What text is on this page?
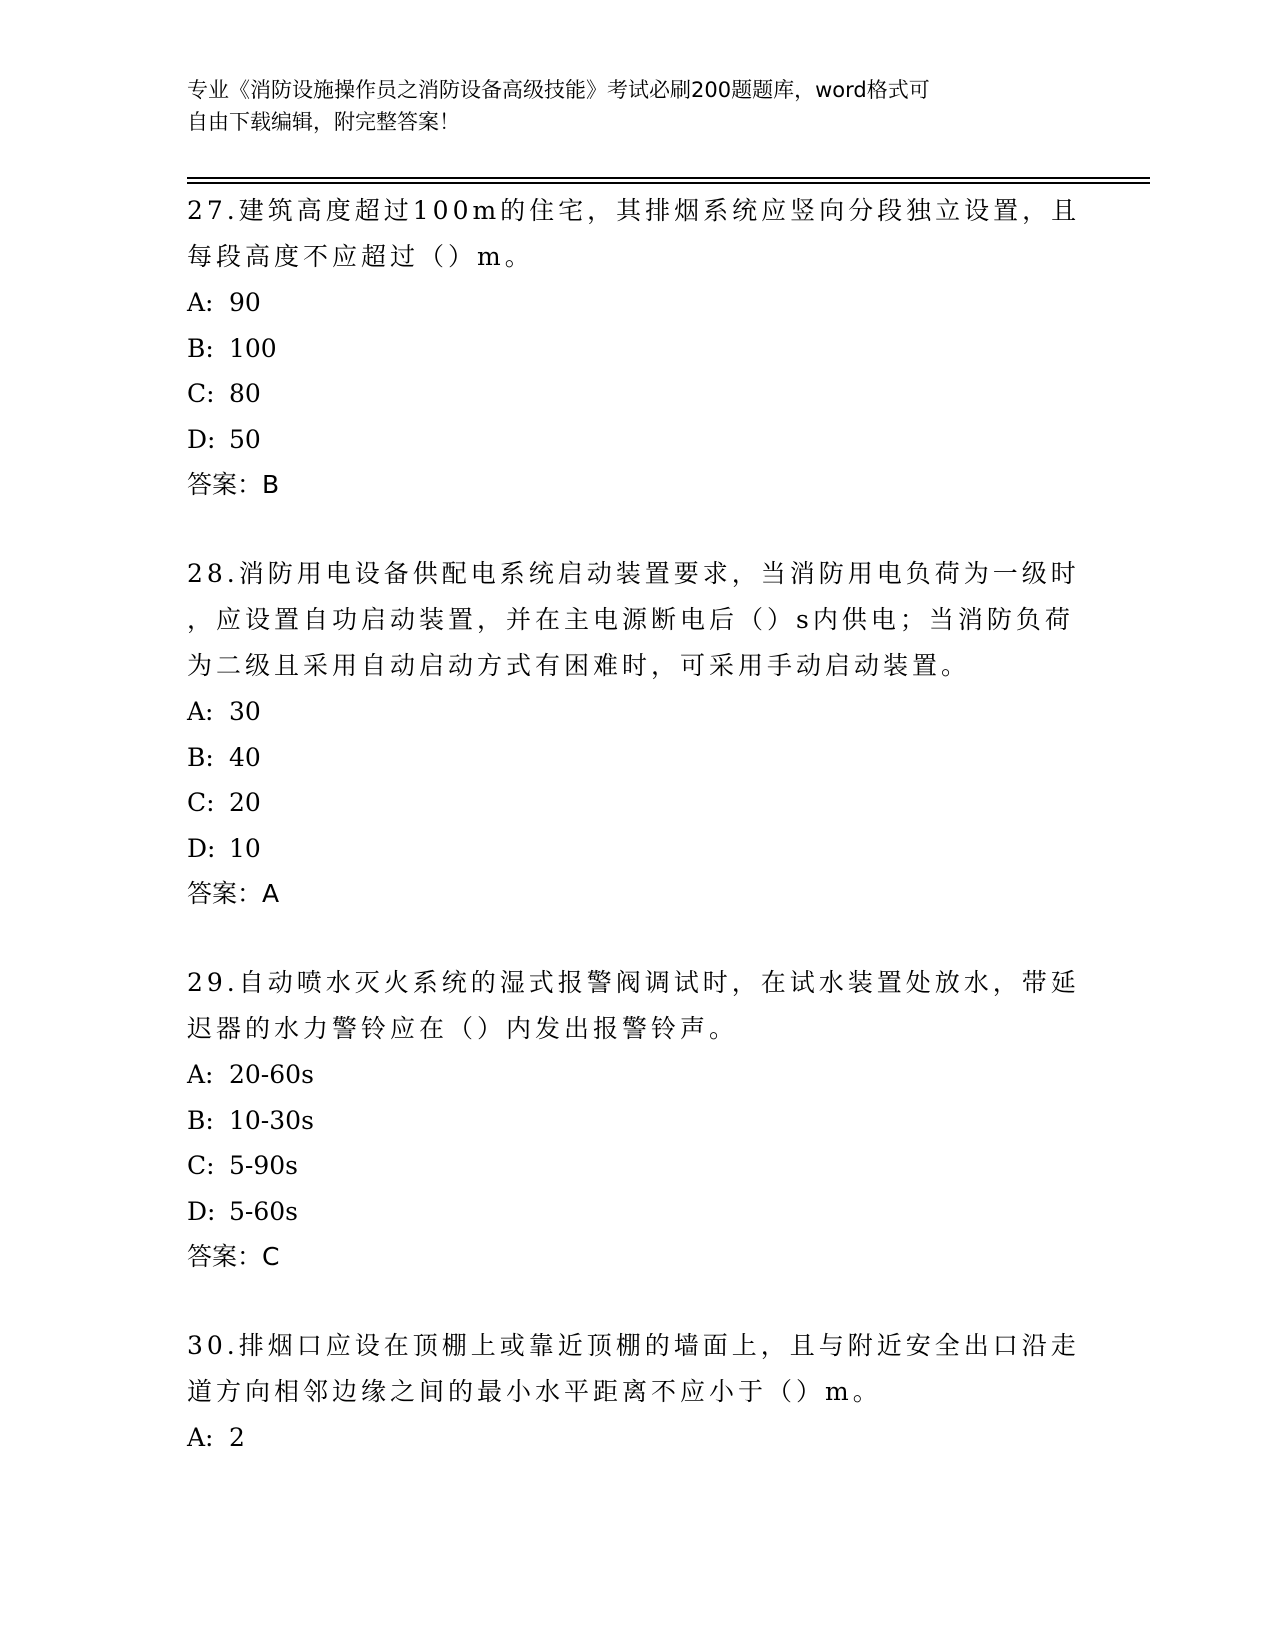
专业《消防设施操作员之消防设备高级技能》考试必刷200题题库，word格式可
自由下载编辑，附完整答案！
27.建筑高度超过100m的住宅，其排烟系统应竖向分段独立设置，且
每段高度不应超过（）m。
A: 90
B: 100
C: 80
D: 50
答案：B
28.消防用电设备供配电系统启动装置要求，当消防用电负荷为一级时
，应设置自功启动装置，并在主电源断电后（）s内供电；当消防负荷
为二级且采用自动启动方式有困难时，可采用手动启动装置。
A: 30
B: 40
C: 20
D: 10
答案：A
29.自动喷水灭火系统的湿式报警阀调试时，在试水装置处放水，带延
迟器的水力警铃应在（）内发出报警铃声。
A: 20-60s
B: 10-30s
C: 5-90s
D: 5-60s
答案：C
30.排烟口应设在顶棚上或靠近顶棚的墙面上，且与附近安全出口沿走
道方向相邻边缘之间的最小水平距离不应小于（）m。
A: 2
